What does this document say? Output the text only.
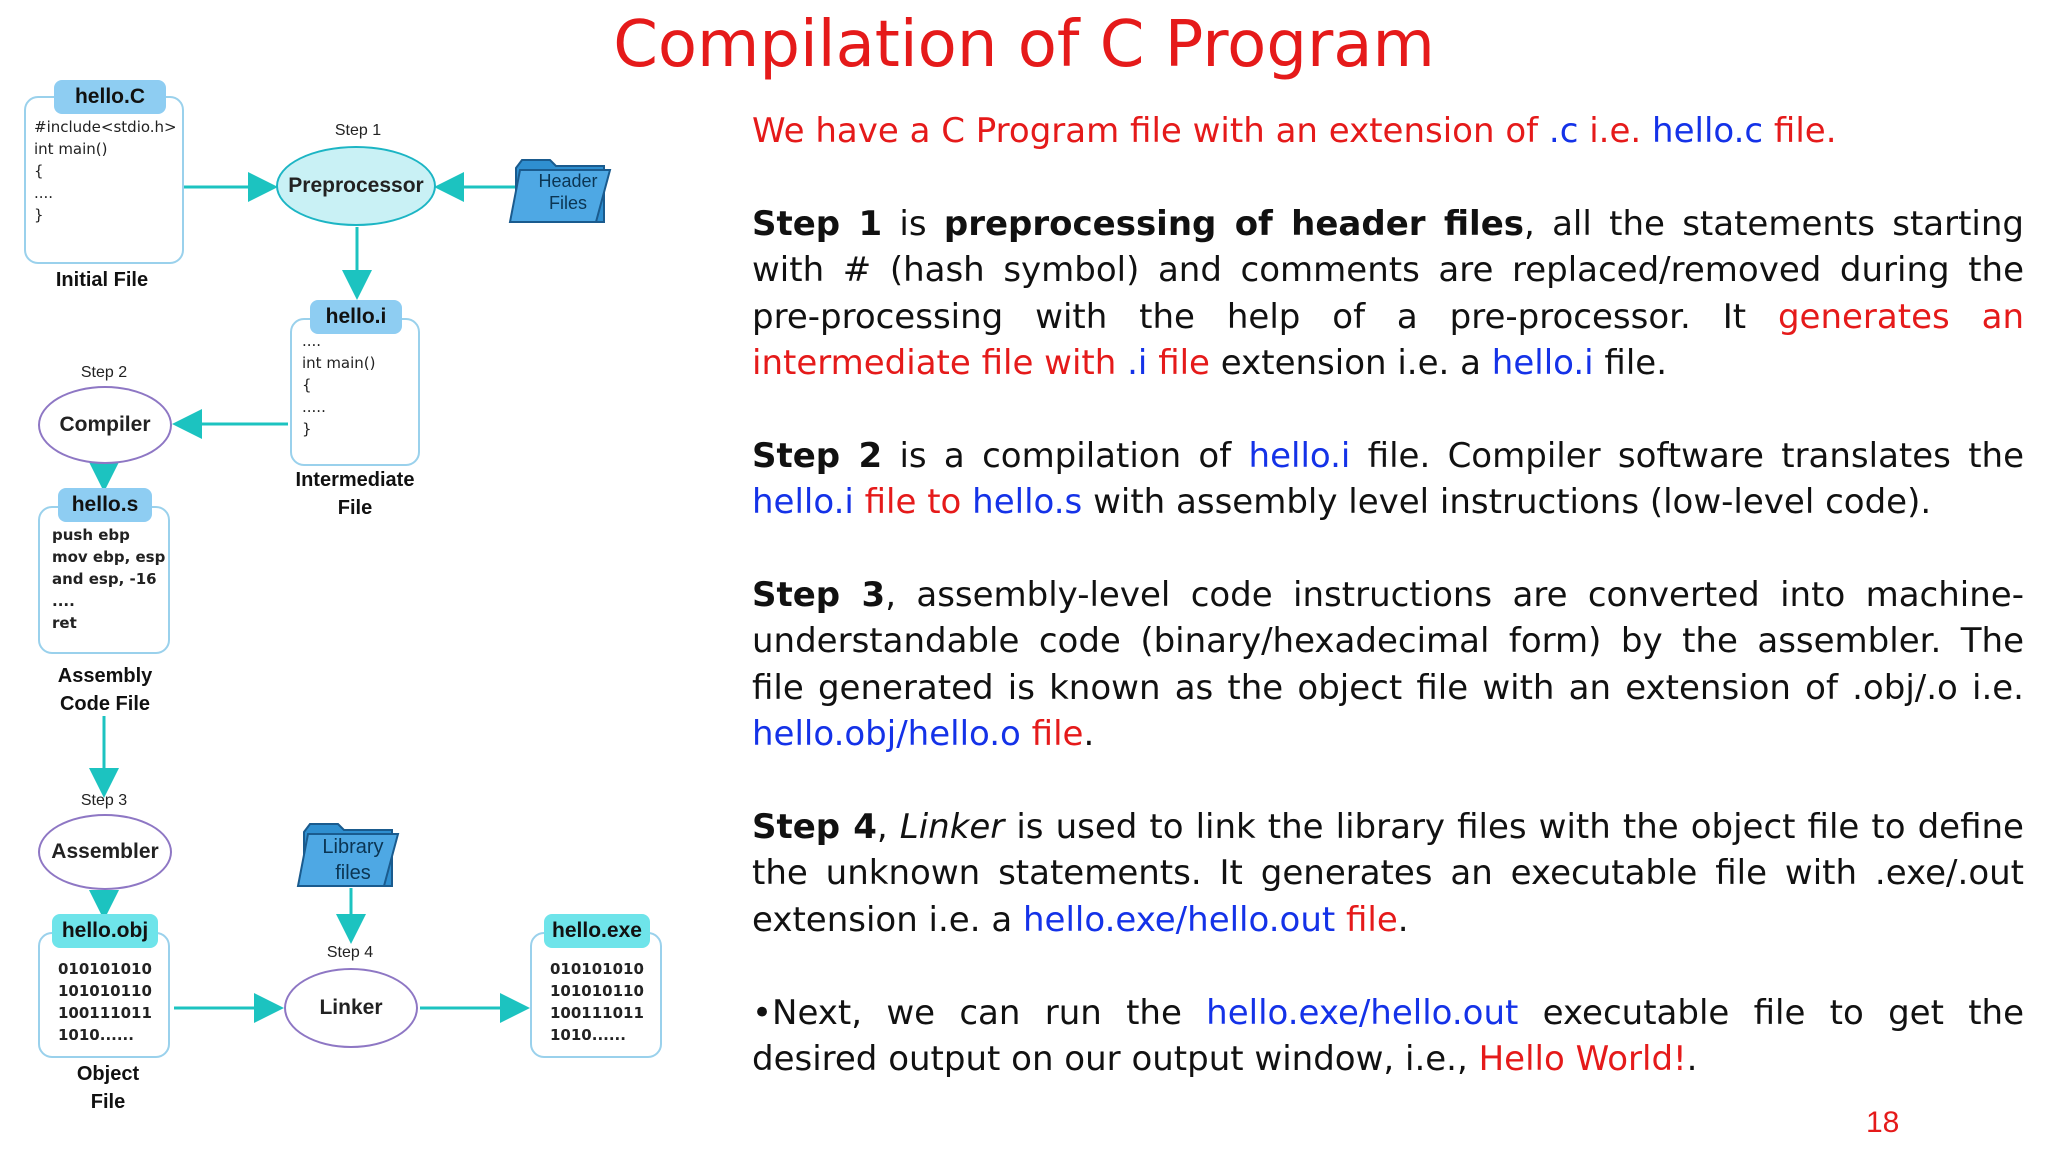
Compilation of C Program
hello.C
#include<stdio.h>
int main()
{
....
}
Initial File
Header
Files
Step 1
Preprocessor
hello.i
....
int main()
{
.....
}
Intermediate
File
Step 2
Compiler
hello.s
push ebp
mov ebp, esp
and esp, -16
....
ret
Assembly
Code File
Step 3
Assembler	Library
files
hello.obj
010101010
101010110
100111011
1010......
Object
File
Step 4
Linker
hello.exe
010101010
101010110
100111011
1010......

We have a C Program file with an extension of .c i.e. hello.c file.

Step 1 is preprocessing of header files, all the statements starting with # (hash symbol) and comments are replaced/removed during the pre-processing with the help of a pre-processor. It generates an intermediate file with .i file extension i.e. a hello.i file.

Step 2 is a compilation of hello.i file. Compiler software translates the hello.i file to hello.s with assembly level instructions (low-level code).

Step 3, assembly-level code instructions are converted into machine-understandable code (binary/hexadecimal form) by the assembler. The file generated is known as the object file with an extension of .obj/.o i.e. hello.obj/hello.o file.

Step 4, Linker is used to link the library files with the object file to define the unknown statements. It generates an executable file with .exe/.out extension i.e. a hello.exe/hello.out file.

•Next, we can run the hello.exe/hello.out executable file to get the desired output on our output window, i.e., Hello World!.

18
